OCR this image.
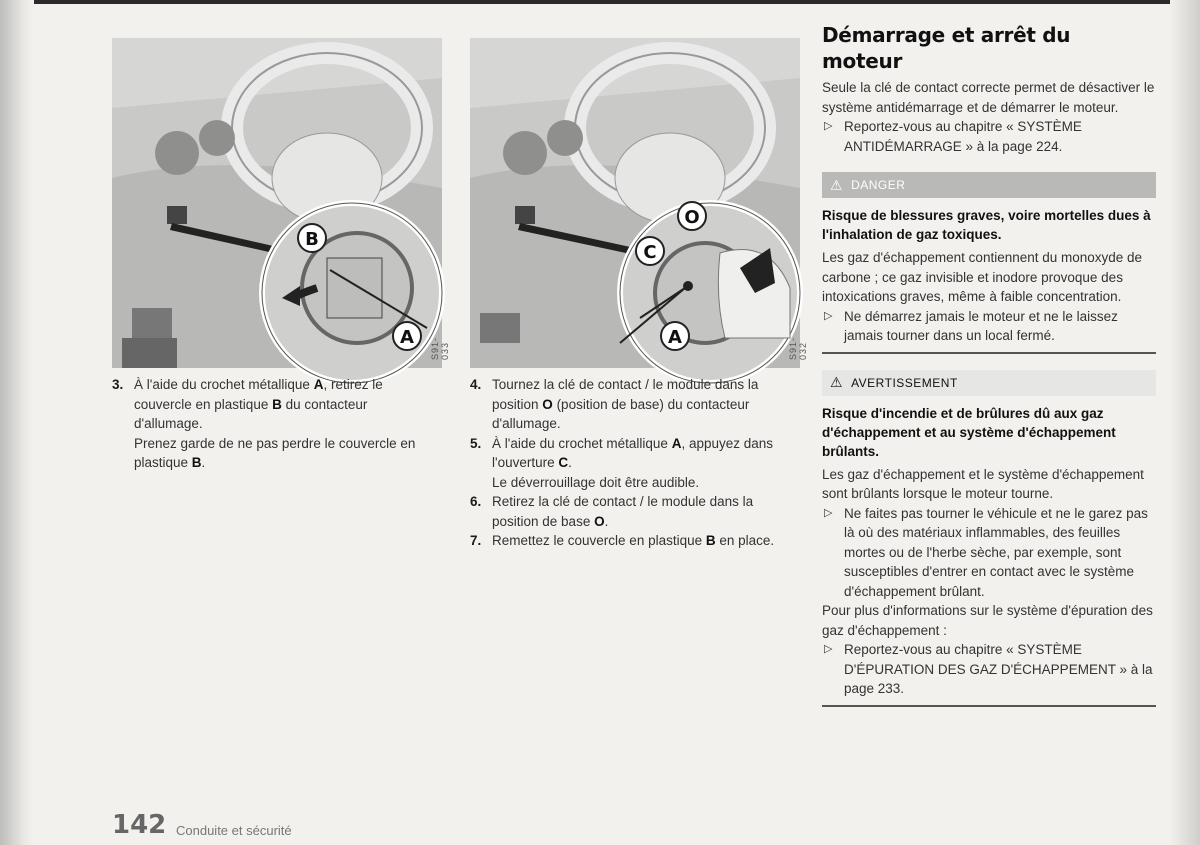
B
A S91-033
O
C
A	S91-032
3. À l'aide du crochet métallique A, retirez le couvercle en plastique B du contacteur d'allumage.

Prenez garde de ne pas perdre le couvercle en plastique B.

4. Tournez la clé de contact / le module dans la position O (position de base) du contacteur d'allumage.

5. À l'aide du crochet métallique A, appuyez dans l'ouverture C.

Le déverrouillage doit être audible.

6. Retirez la clé de contact / le module dans la position de base O.

7. Remettez le couvercle en plastique B en place.

Démarrage et arrêt du moteur

Seule la clé de contact correcte permet de désactiver le système antidémarrage et de démarrer le moteur.

▷ Reportez-vous au chapitre « SYSTÈME ANTIDÉMARRAGE » à la page 224.
⚠ DANGER
Risque de blessures graves, voire mortelles dues à l'inhalation de gaz toxiques.

Les gaz d'échappement contiennent du monoxyde de carbone ; ce gaz invisible et inodore provoque des intoxications graves, même à faible concentration.

▷ Ne démarrez jamais le moteur et ne le laissez jamais tourner dans un local fermé.
⚠ AVERTISSEMENT
Risque d'incendie et de brûlures dû aux gaz d'échappement et au système d'échappement brûlants.

Les gaz d'échappement et le système d'échappement sont brûlants lorsque le moteur tourne.

▷ Ne faites pas tourner le véhicule et ne le garez pas là où des matériaux inflammables, des feuilles mortes ou de l'herbe sèche, par exemple, sont susceptibles d'entrer en contact avec le système d'échappement brûlant.

Pour plus d'informations sur le système d'épuration des gaz d'échappement :

▷ Reportez-vous au chapitre « SYSTÈME D'ÉPURATION DES GAZ D'ÉCHAPPEMENT » à la page 233.
142 Conduite et sécurité
